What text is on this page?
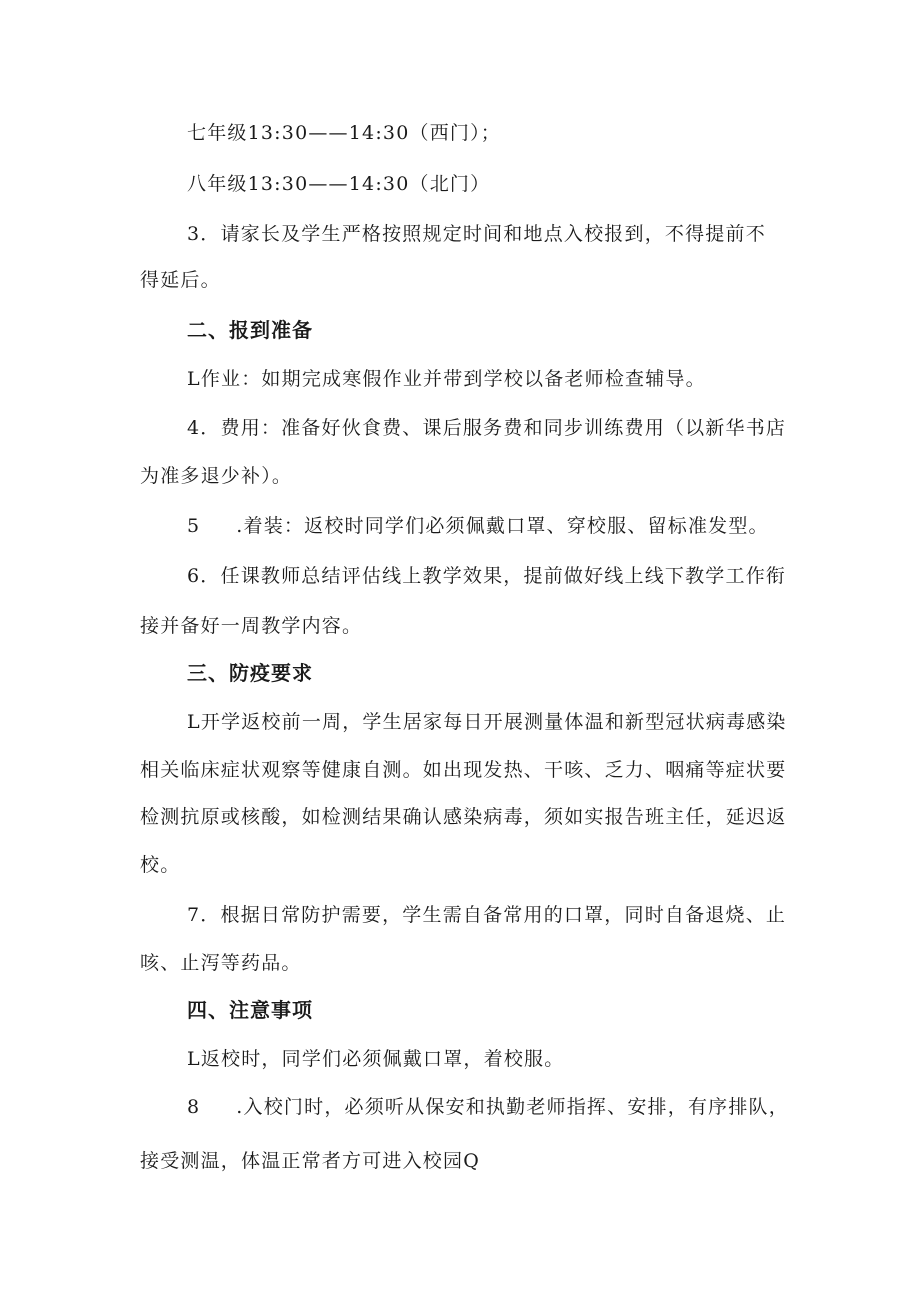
七年级13:30——14:30（西门）；
八年级13:30——14:30（北门）
3．请家长及学生严格按照规定时间和地点入校报到，不得提前不
得延后。
二、报到准备
L作业：如期完成寒假作业并带到学校以备老师检查辅导。
4．费用：准备好伙食费、课后服务费和同步训练费用（以新华书店
为准多退少补）。
5 .着装：返校时同学们必须佩戴口罩、穿校服、留标准发型。
6．任课教师总结评估线上教学效果，提前做好线上线下教学工作衔
接并备好一周教学内容。
三、防疫要求
L开学返校前一周，学生居家每日开展测量体温和新型冠状病毒感染
相关临床症状观察等健康自测。如出现发热、干咳、乏力、咽痛等症状要
检测抗原或核酸，如检测结果确认感染病毒，须如实报告班主任，延迟返
校。
7．根据日常防护需要，学生需自备常用的口罩，同时自备退烧、止
咳、止泻等药品。
四、注意事项
L返校时，同学们必须佩戴口罩，着校服。
8 .入校门时，必须听从保安和执勤老师指挥、安排，有序排队，
接受测温，体温正常者方可进入校园Q
